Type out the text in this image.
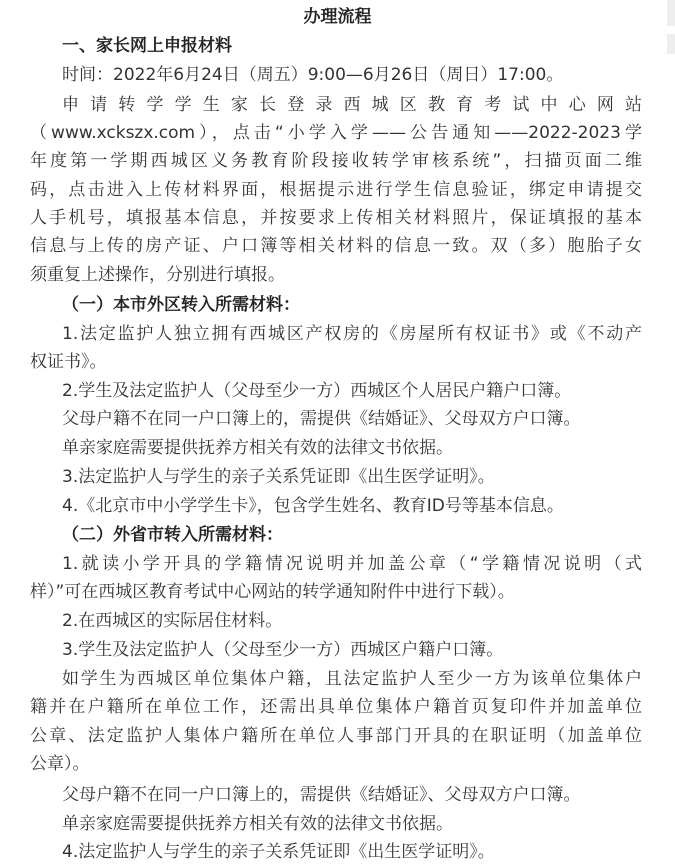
办理流程
一、家长网上申报材料
时间：2022年6月24日（周五）9:00—6月26日（周日）17:00。
申请转学学生家长登录西城区教育考试中心网站
（www.xckszx.com），点击“小学入学——公告通知——2022-2023学
年度第一学期西城区义务教育阶段接收转学审核系统”，扫描页面二维
码，点击进入上传材料界面，根据提示进行学生信息验证，绑定申请提交
人手机号，填报基本信息，并按要求上传相关材料照片，保证填报的基本
信息与上传的房产证、户口簿等相关材料的信息一致。双（多）胞胎子女
须重复上述操作，分别进行填报。
（一）本市外区转入所需材料：
1.法定监护人独立拥有西城区产权房的《房屋所有权证书》或《不动产
权证书》。
2.学生及法定监护人（父母至少一方）西城区个人居民户籍户口簿。
父母户籍不在同一户口簿上的，需提供《结婚证》、父母双方户口簿。
单亲家庭需要提供抚养方相关有效的法律文书依据。
3.法定监护人与学生的亲子关系凭证即《出生医学证明》。
4.《北京市中小学学生卡》，包含学生姓名、教育ID号等基本信息。
（二）外省市转入所需材料：
1.就读小学开具的学籍情况说明并加盖公章（“学籍情况说明（式
样）”可在西城区教育考试中心网站的转学通知附件中进行下载）。
2.在西城区的实际居住材料。
3.学生及法定监护人（父母至少一方）西城区户籍户口簿。
如学生为西城区单位集体户籍，且法定监护人至少一方为该单位集体户
籍并在户籍所在单位工作，还需出具单位集体户籍首页复印件并加盖单位
公章、法定监护人集体户籍所在单位人事部门开具的在职证明（加盖单位
公章）。
父母户籍不在同一户口簿上的，需提供《结婚证》、父母双方户口簿。
单亲家庭需要提供抚养方相关有效的法律文书依据。
4.法定监护人与学生的亲子关系凭证即《出生医学证明》。
